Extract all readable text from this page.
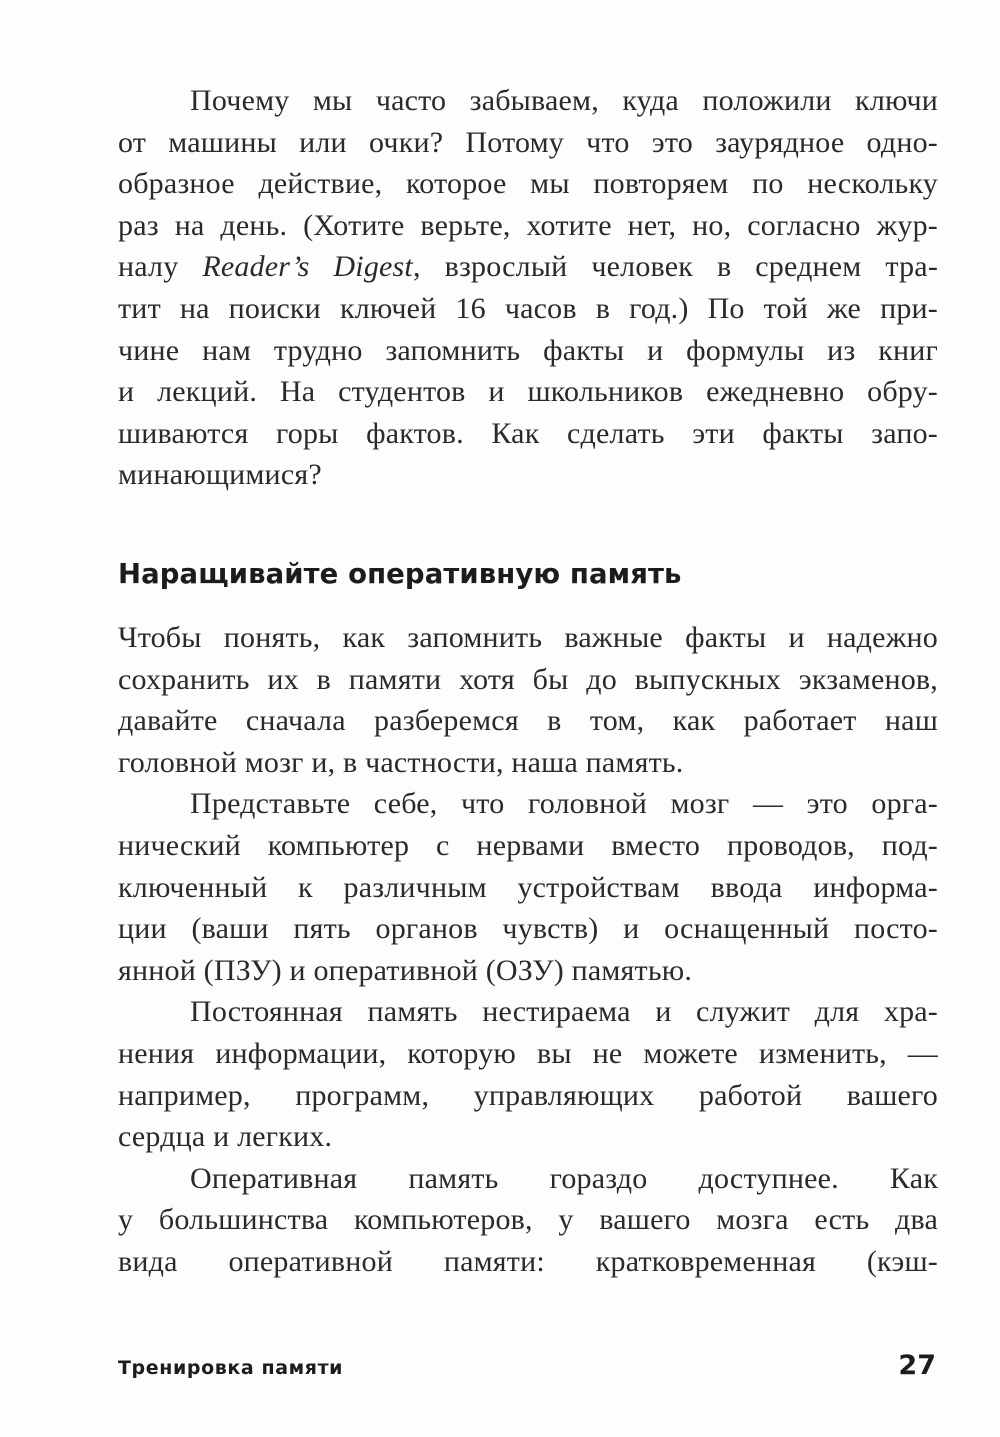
Почему мы часто забываем, куда положили ключи
от машины или очки? Потому что это заурядное одно-
образное действие, которое мы повторяем по нескольку
раз на день. (Хотите верьте, хотите нет, но, согласно жур-
налу Reader’s Digest, взрослый человек в среднем тра-
тит на поиски ключей 16 часов в год.) По той же при-
чине нам трудно запомнить факты и формулы из книг
и лекций. На студентов и школьников ежедневно обру-
шиваются горы фактов. Как сделать эти факты запо-
минающимися?
Наращивайте оперативную память
Чтобы понять, как запомнить важные факты и надежно
сохранить их в памяти хотя бы до выпускных экзаменов,
давайте сначала разберемся в том, как работает наш
головной мозг и, в частности, наша память.
Представьте себе, что головной мозг — это орга-
нический компьютер с нервами вместо проводов, под-
ключенный к различным устройствам ввода информа-
ции (ваши пять органов чувств) и оснащенный посто-
янной (ПЗУ) и оперативной (ОЗУ) памятью.
Постоянная память нестираема и служит для хра-
нения информации, которую вы не можете изменить, —
например, программ, управляющих работой вашего
сердца и легких.
Оперативная память гораздо доступнее. Как
у большинства компьютеров, у вашего мозга есть два
вида оперативной памяти: кратковременная (кэш-
Тренировка памяти	27
